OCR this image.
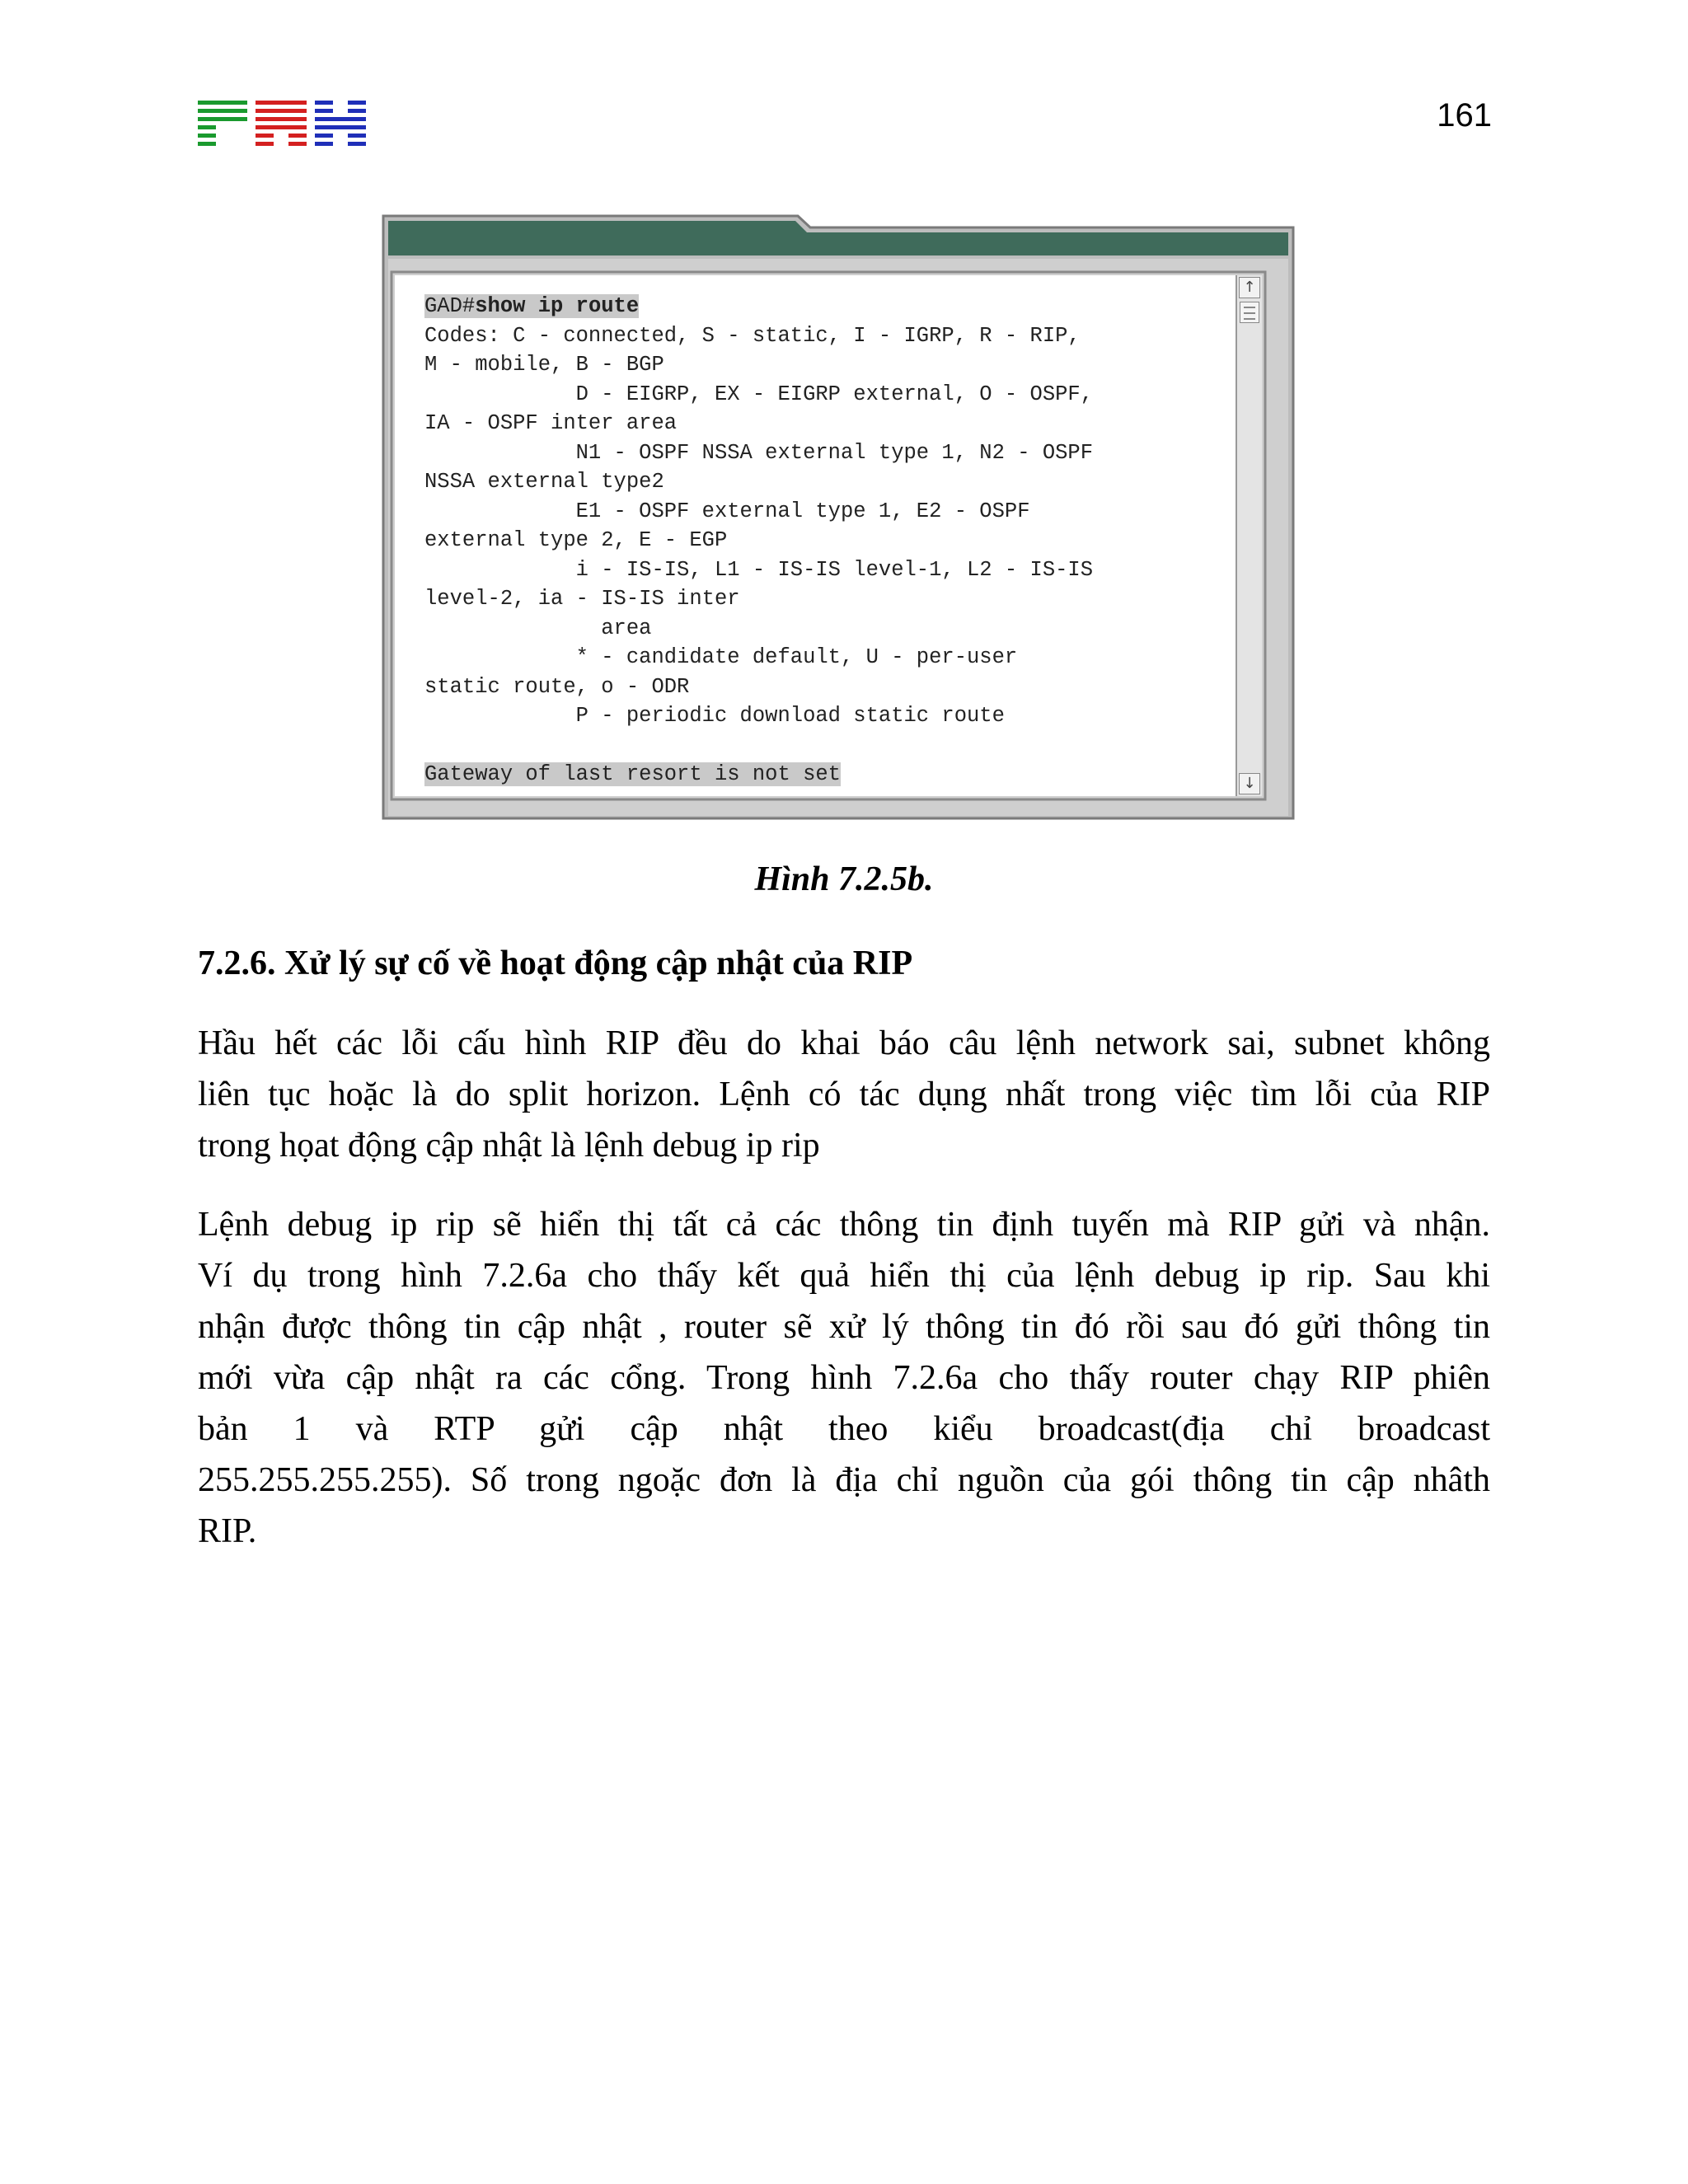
161
GAD#show ip route
Codes: C - connected, S - static, I - IGRP, R - RIP,
M - mobile, B - BGP
D - EIGRP, EX - EIGRP external, O - OSPF,
IA - OSPF inter area
N1 - OSPF NSSA external type 1, N2 - OSPF
NSSA external type2
E1 - OSPF external type 1, E2 - OSPF
external type 2, E - EGP
i - IS-IS, L1 - IS-IS level-1, L2 - IS-IS
level-2, ia - IS-IS inter
area
* - candidate default, U - per-user
static route, o - ODR
P - periodic download static route

Gateway of last resort is not set
↑
↓
Hình 7.2.5b.
7.2.6. Xử lý sự cố về hoạt động cập nhật của RIP
Hầu hết các lỗi cấu hình RIP đều do khai báo câu lệnh network sai, subnet không
liên tục hoặc là do split horizon. Lệnh có tác dụng nhất trong việc tìm lỗi của RIP
trong họat động cập nhật là lệnh debug ip rip
Lệnh debug ip rip sẽ hiển thị tất cả các thông tin định tuyến mà RIP gửi và nhận.
Ví dụ trong hình 7.2.6a cho thấy kết quả hiển thị của lệnh debug ip rip. Sau khi
nhận được thông tin cập nhật , router sẽ xử lý thông tin đó rồi sau đó gửi thông tin
mới vừa cập nhật ra các cổng. Trong hình 7.2.6a cho thấy router chạy RIP phiên
bản 1 và RTP gửi cập nhật theo kiểu broadcast(địa chỉ broadcast
255.255.255.255). Số trong ngoặc đơn là địa chỉ nguồn của gói thông tin cập nhâth
RIP.
